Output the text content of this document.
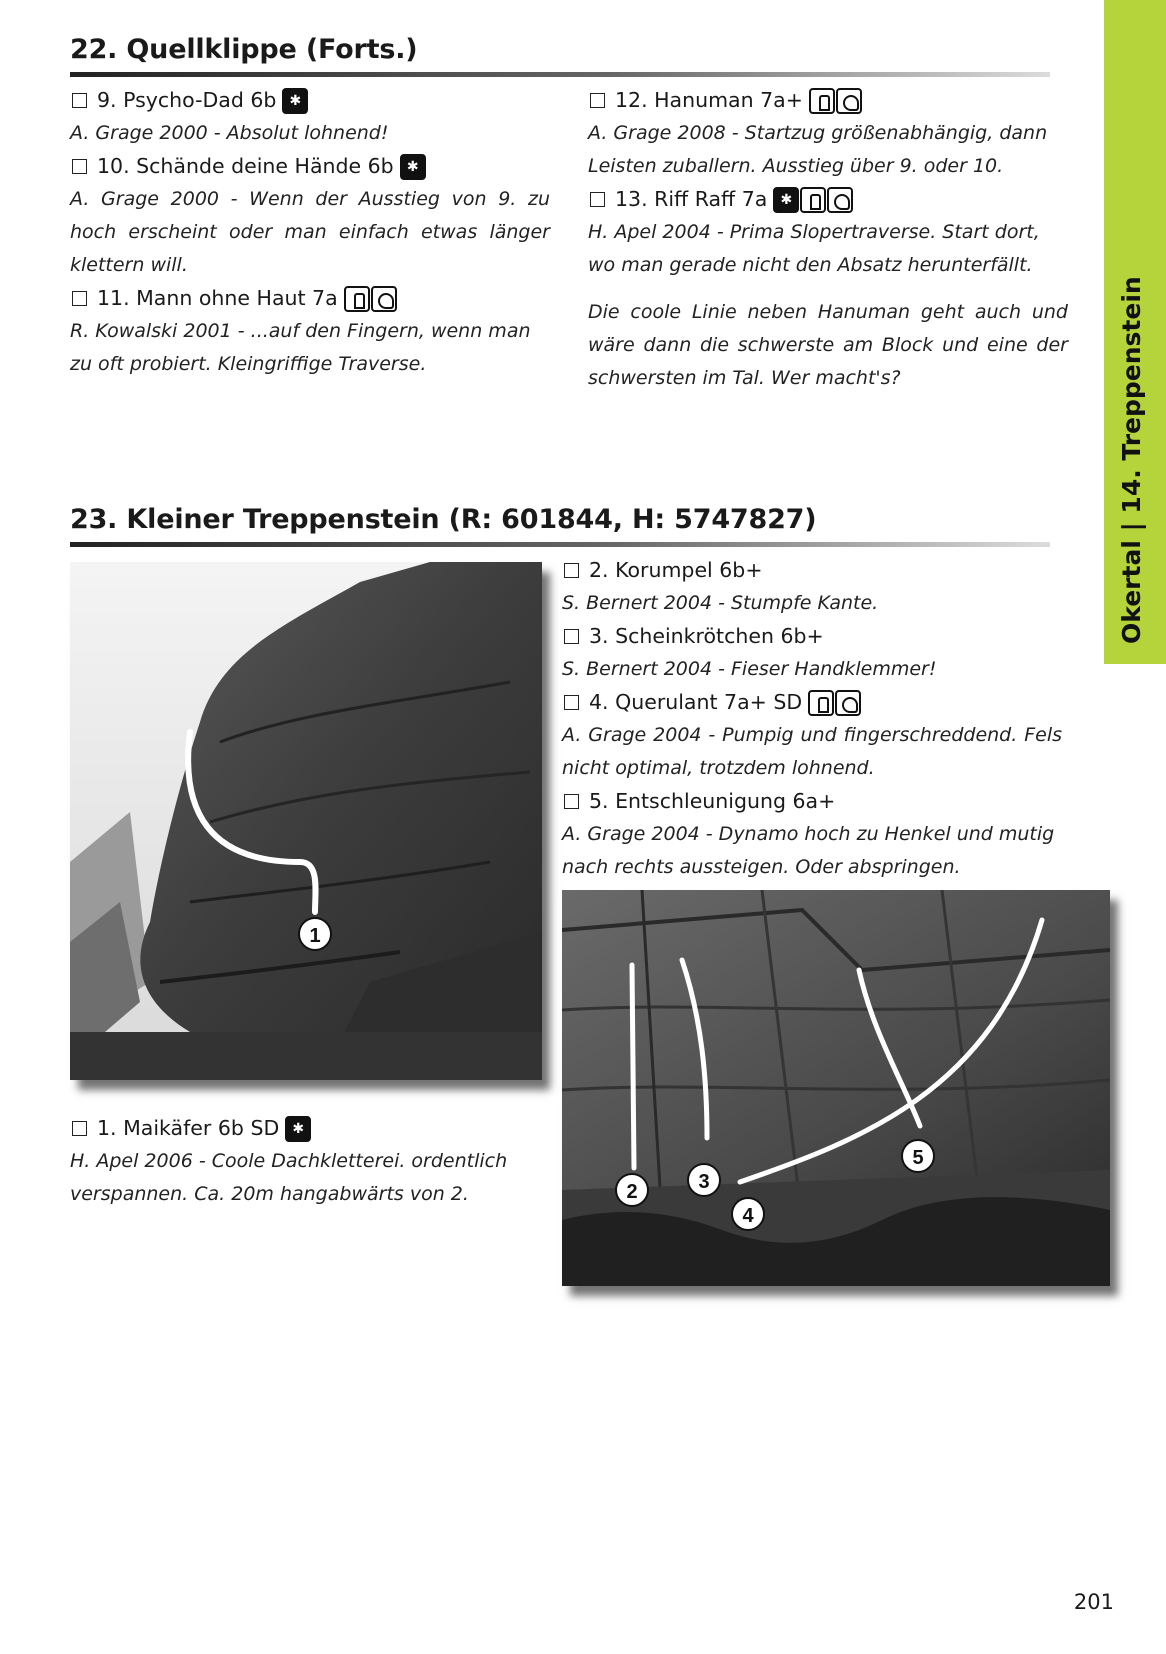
Okertal | 14. Treppenstein
22. Quellklippe (Forts.)
9. Psycho-Dad 6b
✱
A. Grage 2000 - Absolut lohnend!
10. Schände deine Hände 6b
✱
A. Grage 2000 - Wenn der Ausstieg von 9. zu hoch erscheint oder man einfach etwas länger klettern will.
11. Mann ohne Haut 7a
R. Kowalski 2001 - ...auf den Fingern, wenn man zu oft probiert. Kleingriffige Traverse.
12. Hanuman 7a+
A. Grage 2008 - Startzug größenabhängig, dann Leisten zuballern. Ausstieg über 9. oder 10.
13. Riff Raff 7a
✱
H. Apel 2004 - Prima Slopertraverse. Start dort, wo man gerade nicht den Absatz herunterfällt.
Die coole Linie neben Hanuman geht auch und wäre dann die schwerste am Block und eine der schwersten im Tal. Wer macht's?
23. Kleiner Treppenstein (R: 601844, H: 5747827)
1
1. Maikäfer 6b SD
✱
H. Apel 2006 - Coole Dachkletterei. ordentlich verspannen. Ca. 20m hangabwärts von 2.
2. Korumpel 6b+
S. Bernert 2004 - Stumpfe Kante.
3. Scheinkrötchen 6b+
S. Bernert 2004 - Fieser Handklemmer!
4. Querulant 7a+ SD
A. Grage 2004 - Pumpig und fingerschreddend. Fels nicht optimal, trotzdem lohnend.
5. Entschleunigung 6a+
A. Grage 2004 - Dynamo hoch zu Henkel und mutig nach rechts aussteigen. Oder abspringen.
2	3
4
5
201
